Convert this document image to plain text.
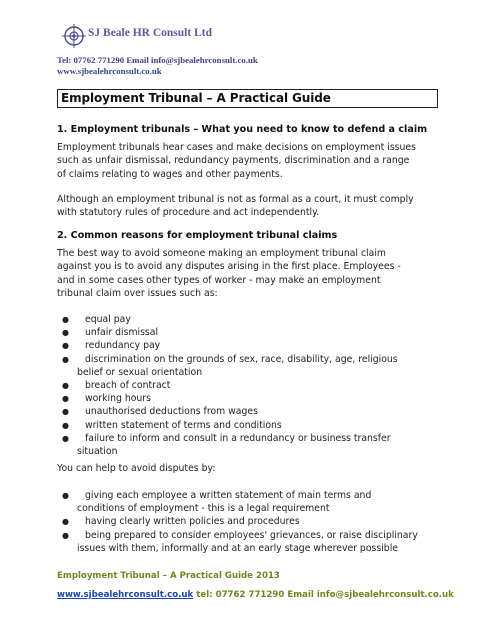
SJ Beale HR Consult Ltd
Tel: 07762 771290 Email info@sjbealehrconsult.co.uk
www.sjbealehrconsult.co.uk
Employment Tribunal – A Practical Guide
1. Employment tribunals – What you need to know to defend a claim
Employment tribunals hear cases and make decisions on employment issues
such as unfair dismissal, redundancy payments, discrimination and a range
of claims relating to wages and other payments.
Although an employment tribunal is not as formal as a court, it must comply
with statutory rules of procedure and act independently.
2. Common reasons for employment tribunal claims
The best way to avoid someone making an employment tribunal claim
against you is to avoid any disputes arising in the first place. Employees -
and in some cases other types of worker - may make an employment
tribunal claim over issues such as:
● equal pay
● unfair dismissal
● redundancy pay
● discrimination on the grounds of sex, race, disability, age, religious
belief or sexual orientation
● breach of contract
● working hours
● unauthorised deductions from wages
● written statement of terms and conditions
● failure to inform and consult in a redundancy or business transfer
situation
You can help to avoid disputes by:
● giving each employee a written statement of main terms and
conditions of employment - this is a legal requirement
● having clearly written policies and procedures
● being prepared to consider employees' grievances, or raise disciplinary
issues with them, informally and at an early stage wherever possible
Employment Tribunal – A Practical Guide 2013
www.sjbealehrconsult.co.uk tel: 07762 771290 Email info@sjbealehrconsult.co.uk
